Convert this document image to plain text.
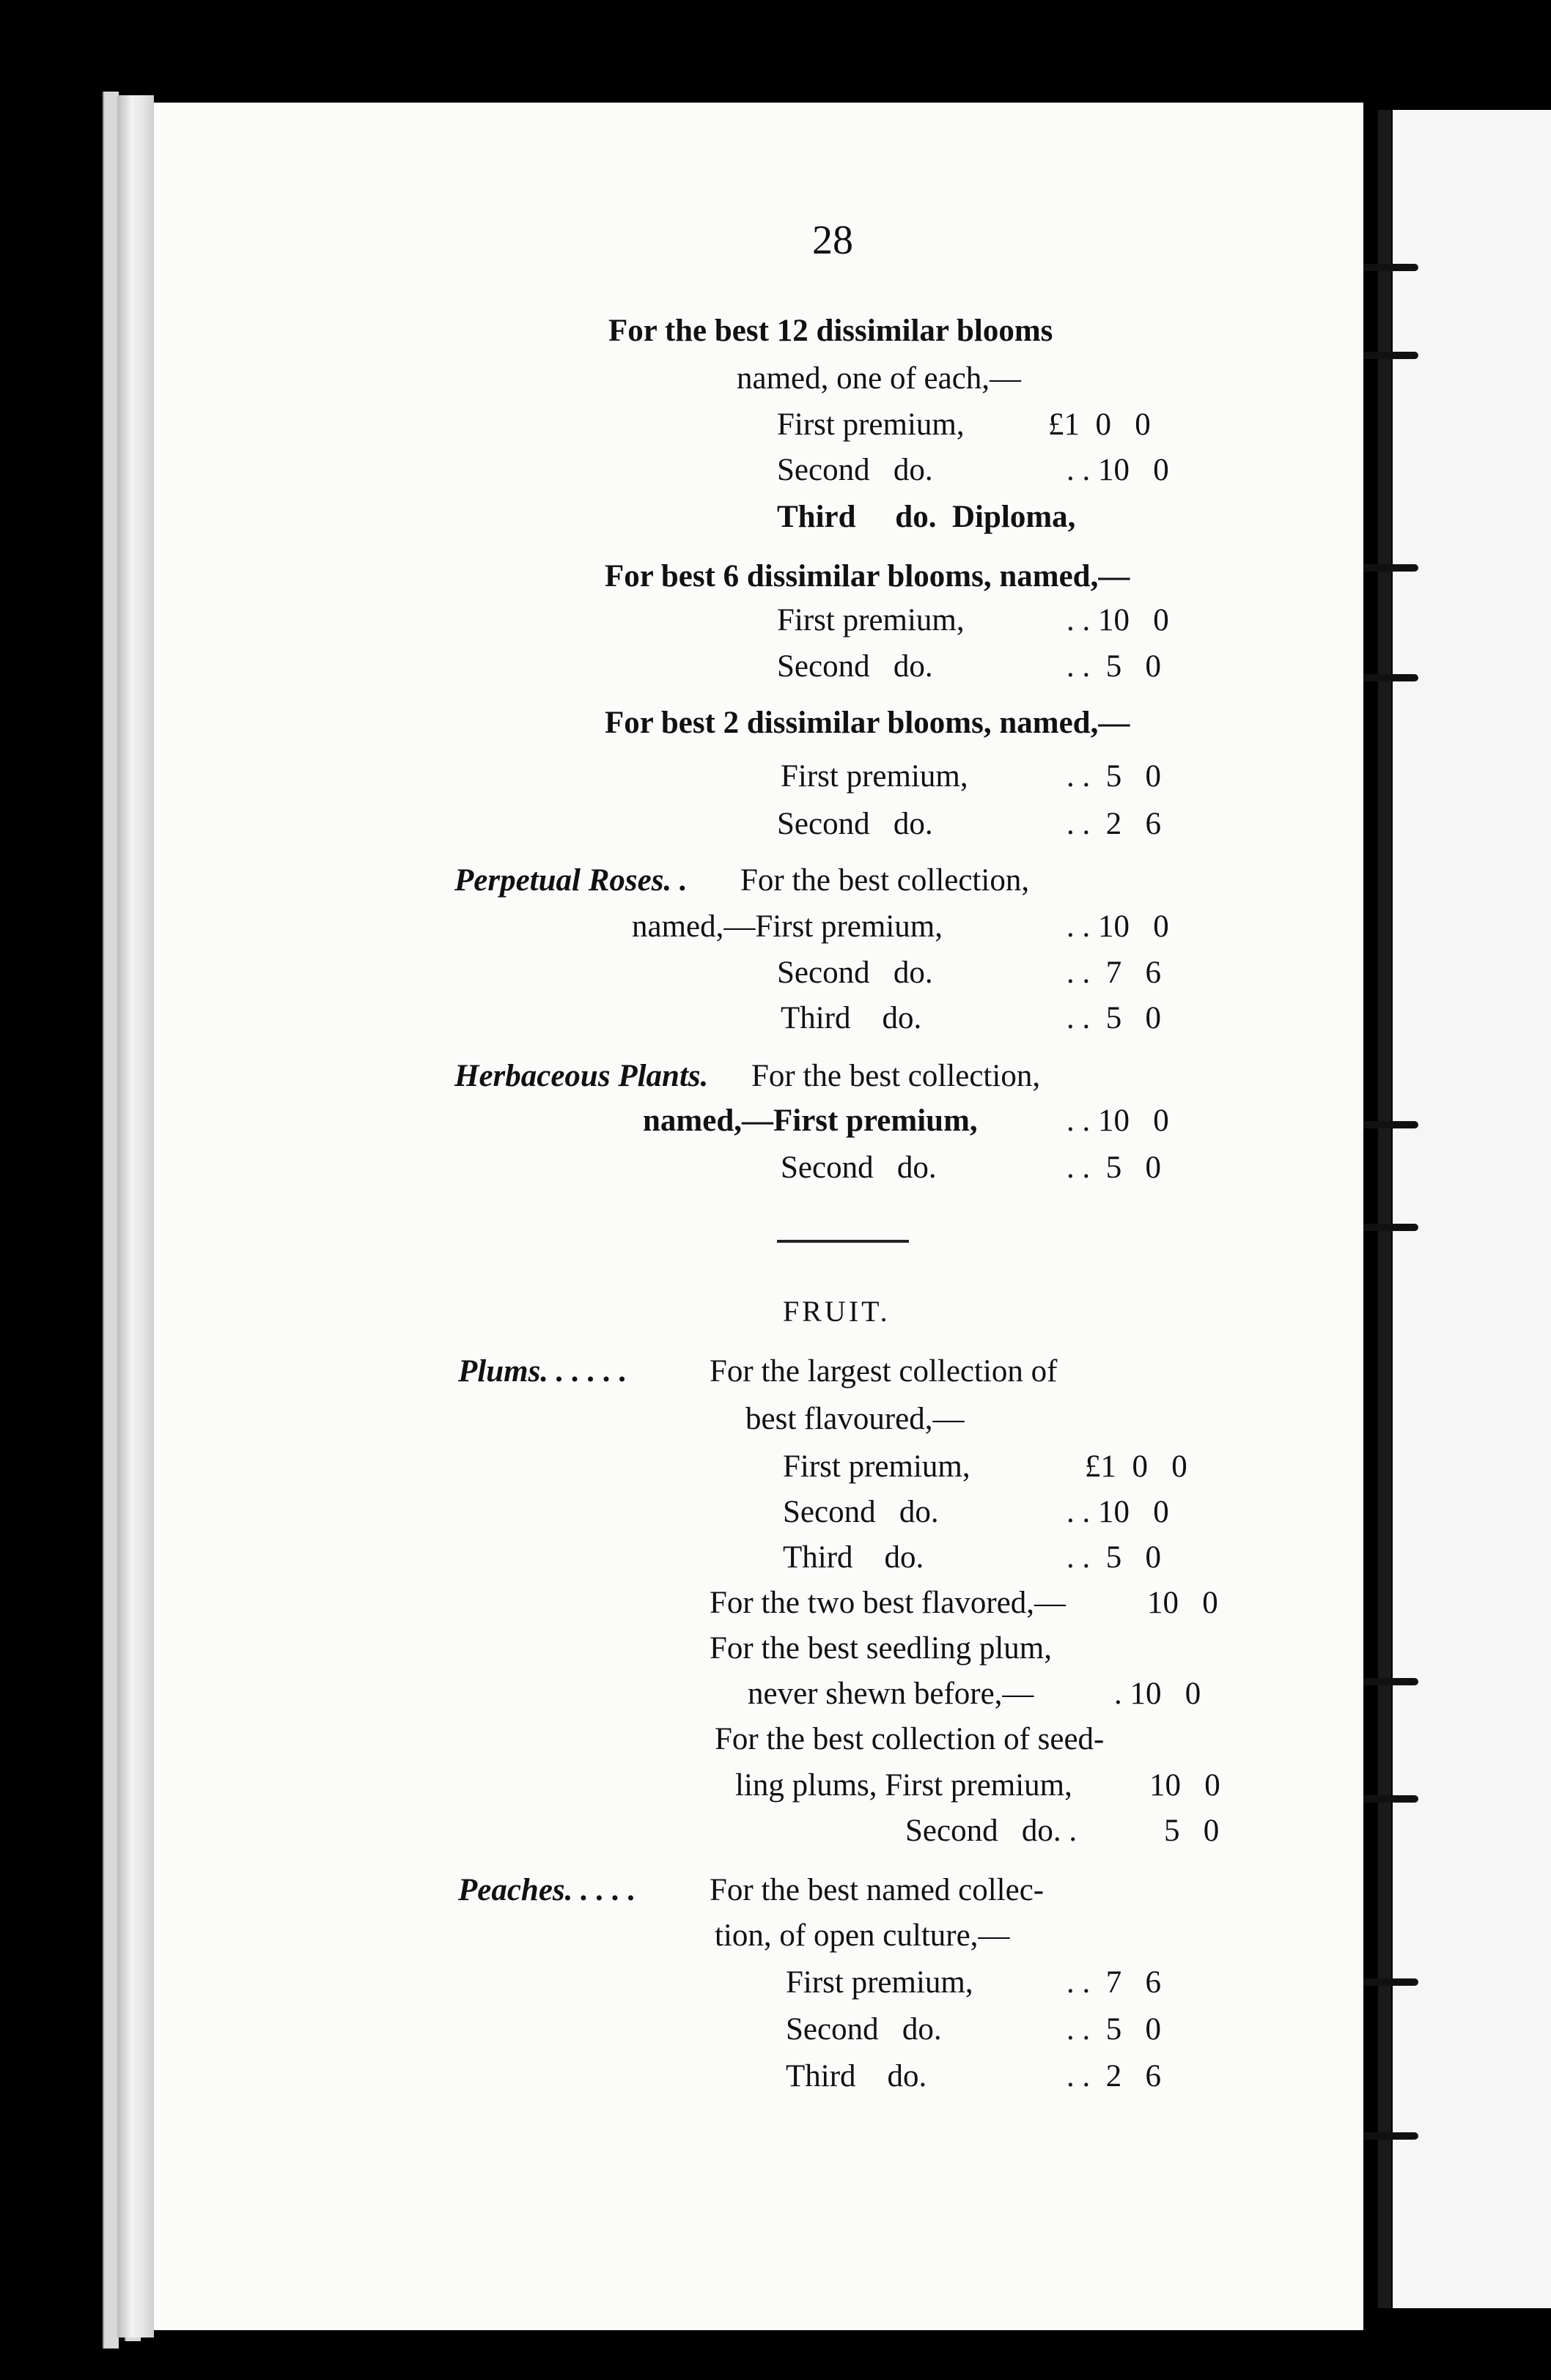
28
For the best 12 dissimilar blooms
named, one of each,—
First premium,	£1  0   0
Second   do.	. . 10   0
Third     do.  Diploma,
For best 6 dissimilar blooms, named,—
First premium,	. . 10   0
Second   do.	. .  5   0
For best 2 dissimilar blooms, named,—
First premium,	. .  5   0
Second   do.	. .  2   6
Perpetual Roses. . For the best collection,
named,—First premium,	. . 10   0
Second   do.	. .  7   6
Third    do.	. .  5   0
Herbaceous Plants. For the best collection,
named,—First premium,	. . 10   0
Second   do.	. .  5   0
FRUIT.
Plums. . . . . .	For the largest collection of
best flavoured,—
First premium,	£1  0   0
Second   do.	. . 10   0
Third    do.	. .  5   0
For the two best flavored,—	10   0
For the best seedling plum,
never shewn before,—	. 10   0
For the best collection of seed-
ling plums, First premium, 10   0
Second   do. .	5   0
Peaches. . . . . For the best named collec-
tion, of open culture,—
First premium,	. .  7   6
Second   do.	. .  5   0
Third    do.	. .  2   6
